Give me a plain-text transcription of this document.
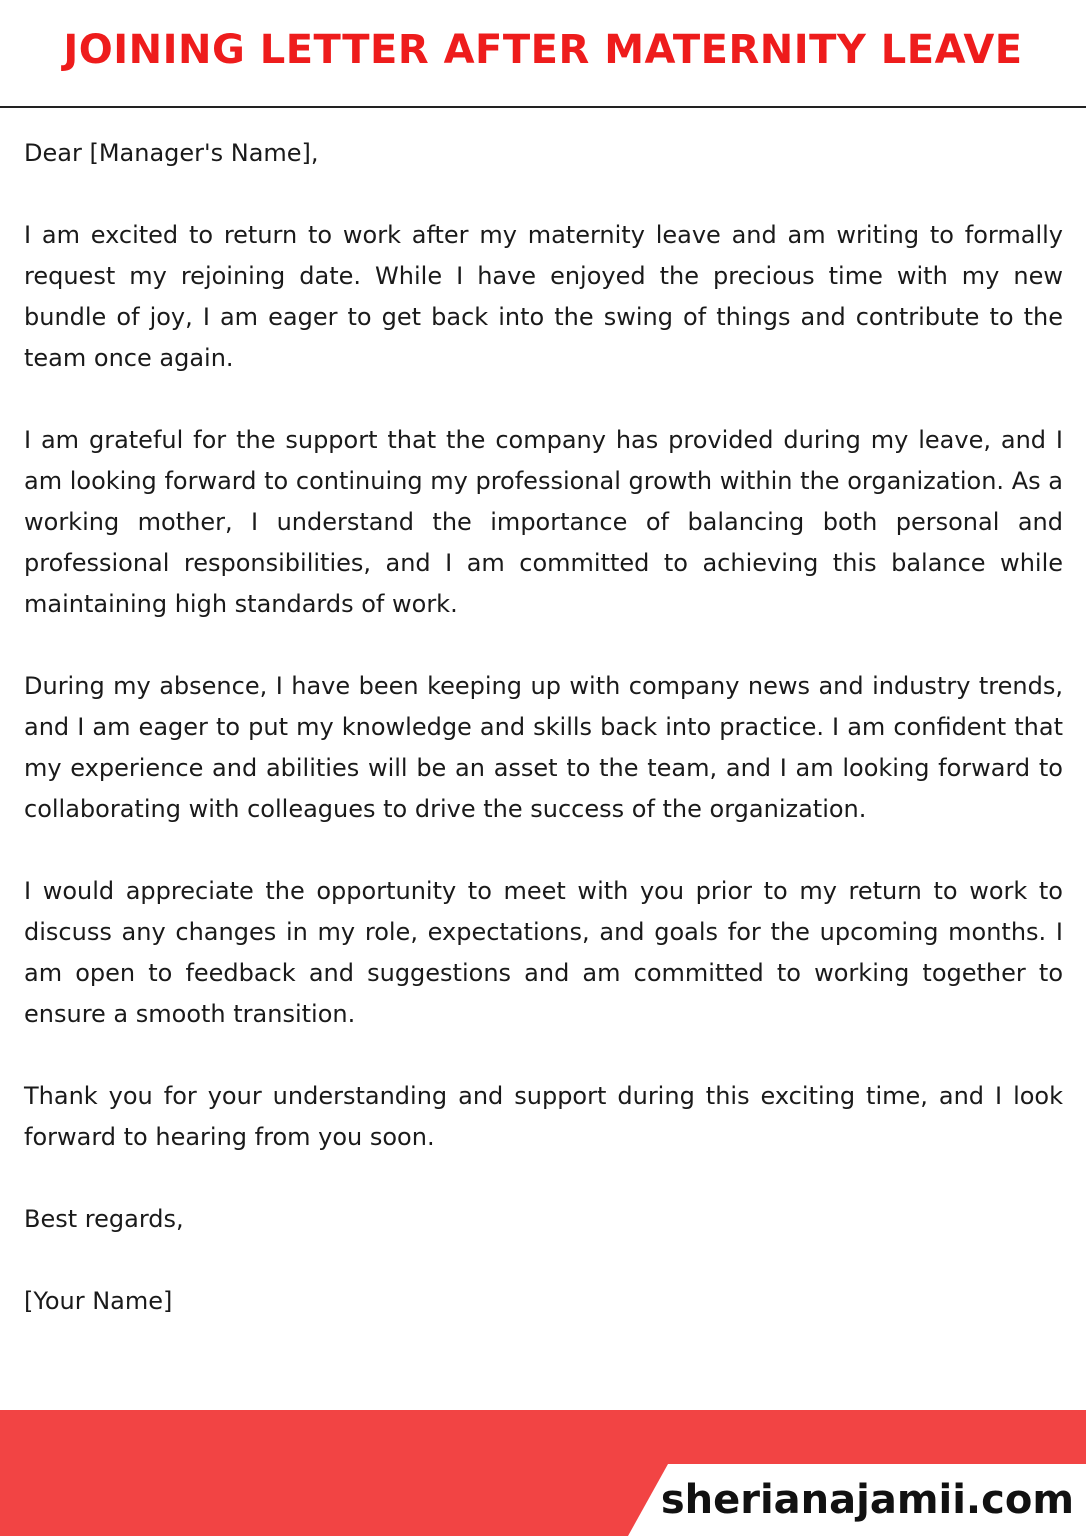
JOINING LETTER AFTER MATERNITY LEAVE

Dear [Manager's Name],

I am excited to return to work after my maternity leave and am writing to formally request my rejoining date. While I have enjoyed the precious time with my new bundle of joy, I am eager to get back into the swing of things and contribute to the team once again.

I am grateful for the support that the company has provided during my leave, and I am looking forward to continuing my professional growth within the organization. As a working mother, I understand the importance of balancing both personal and professional responsibilities, and I am committed to achieving this balance while maintaining high standards of work.

During my absence, I have been keeping up with company news and industry trends, and I am eager to put my knowledge and skills back into practice. I am confident that my experience and abilities will be an asset to the team, and I am looking forward to collaborating with colleagues to drive the success of the organization.

I would appreciate the opportunity to meet with you prior to my return to work to discuss any changes in my role, expectations, and goals for the upcoming months. I am open to feedback and suggestions and am committed to working together to ensure a smooth transition.

Thank you for your understanding and support during this exciting time, and I look forward to hearing from you soon.

Best regards,

[Your Name]

sherianajamii.com
